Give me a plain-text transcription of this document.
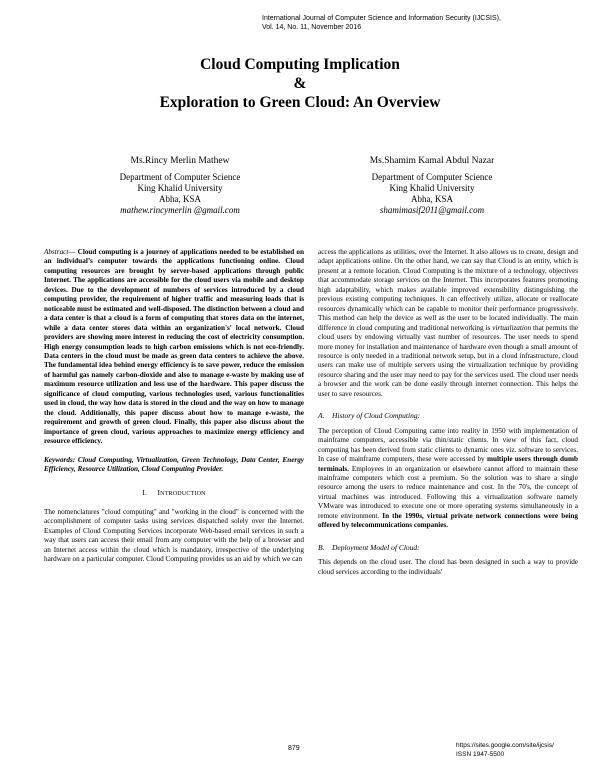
International Journal of Computer Science and Information Security (IJCSIS),
Vol. 14, No. 11, November 2016
Cloud Computing Implication
&
Exploration to Green Cloud: An Overview
Ms.Rincy Merlin Mathew
Department of Computer Science
King Khalid University
Abha, KSA
mathew.rincymerlin @gmail.com
Ms.Shamim Kamal Abdul Nazar
Department of Computer Science
King Khalid University
Abha, KSA
shamimasif2011@gmail.com

Abstract— Cloud computing is a journey of applications needed to be established on an individual’s computer towards the applications functioning online. Cloud computing resources are brought by server-based applications through public Internet. The applications are accessible for the cloud users via mobile and desktop devices. Due to the development of numbers of services introduced by a cloud computing provider, the requirement of higher traffic and measuring loads that is noticeable must be estimated and well-disposed. The distinction between a cloud and a data center is that a cloud is a form of computing that stores data on the internet, while a data center stores data within an organization's' local network. Cloud providers are showing more interest in reducing the cost of electricity consumption. High energy consumption leads to high carbon emissions which is not eco-friendly. Data centers in the cloud must be made as green data centers to achieve the above. The fundamental idea behind energy efficiency is to save power, reduce the emission of harmful gas namely carbon-dioxide and also to manage e-waste by making use of maximum resource utilization and less use of the hardware. This paper discuss the significance of cloud computing, various technologies used, various functionalities used in cloud, the way how data is stored in the cloud and the way on how to manage the cloud. Additionally, this paper discuss about how to manage e-waste, the requirement and growth of green cloud. Finally, this paper also discuss about the importance of green cloud, various approaches to maximize energy efficiency and resource efficiency.

Keywords: Cloud Computing, Virtualization, Green Technology, Data Center, Energy Efficiency, Resource Utilization, Cloud Computing Provider.

I. INTRODUCTION

The nomenclatures "cloud computing" and "working in the cloud" is concerned with the accomplishment of computer tasks using services dispatched solely over the Internet. Examples of Cloud Computing Services incorporate Web-based email services in such a way that users can access their email from any computer with the help of a browser and an Internet access within the cloud which is mandatory, irrespective of the underlying hardware on a particular computer. Cloud Computing provides us an aid by which we can

access the applications as utilities, over the Internet. It also allows us to create, design and adapt applications online. On the other hand, we can say that Cloud is an entity, which is present at a remote location. Cloud Computing is the mixture of a technology, objectives that accommodate storage services on the Internet. This incorporates features promoting high adaptability, which makes available improved extensibility distinguishing the previous existing computing techniques. It can effectively utilize, allocate or reallocate resources dynamically which can be capable to monitor their performance progressively. This method can help the device as well as the user to be located individually. The main difference in cloud computing and traditional networking is virtualization that permits the cloud users by endowing virtually vast number of resources. The user needs to spend more money for installation and maintenance of hardware even though a small amount of resource is only needed in a traditional network setup, but in a cloud infrastructure, cloud users can make use of multiple servers using the virtualization technique by providing resource sharing and the user may need to pay for the services used. The cloud user needs a browser and the work can be done easily through internet connection. This helps the user to save resources.

A. History of Cloud Computing:

The perception of Cloud Computing came into reality in 1950 with implementation of mainframe computers, accessible via thin/static clients. In view of this fact, cloud computing has been derived from static clients to dynamic ones viz. software to services. In case of mainframe computers, these were accessed by multiple users through dumb terminals. Employees in an organization or elsewhere cannot afford to maintain these mainframe computers which cost a premium. So the solution was to share a single resource among the users to reduce maintenance and cost. In the 70's, the concept of virtual machines was introduced. Following this a virtualization software namely VMware was introduced to execute one or more operating systems simultaneously in a remote environment. In the 1990s, virtual private network connections were being offered by telecommunications companies.

B. Deployment Model of Cloud:

This depends on the cloud user. The cloud has been designed in such a way to provide cloud services according to the individuals'

879	https://sites.google.com/site/ijcsis/
ISSN 1947-5500
